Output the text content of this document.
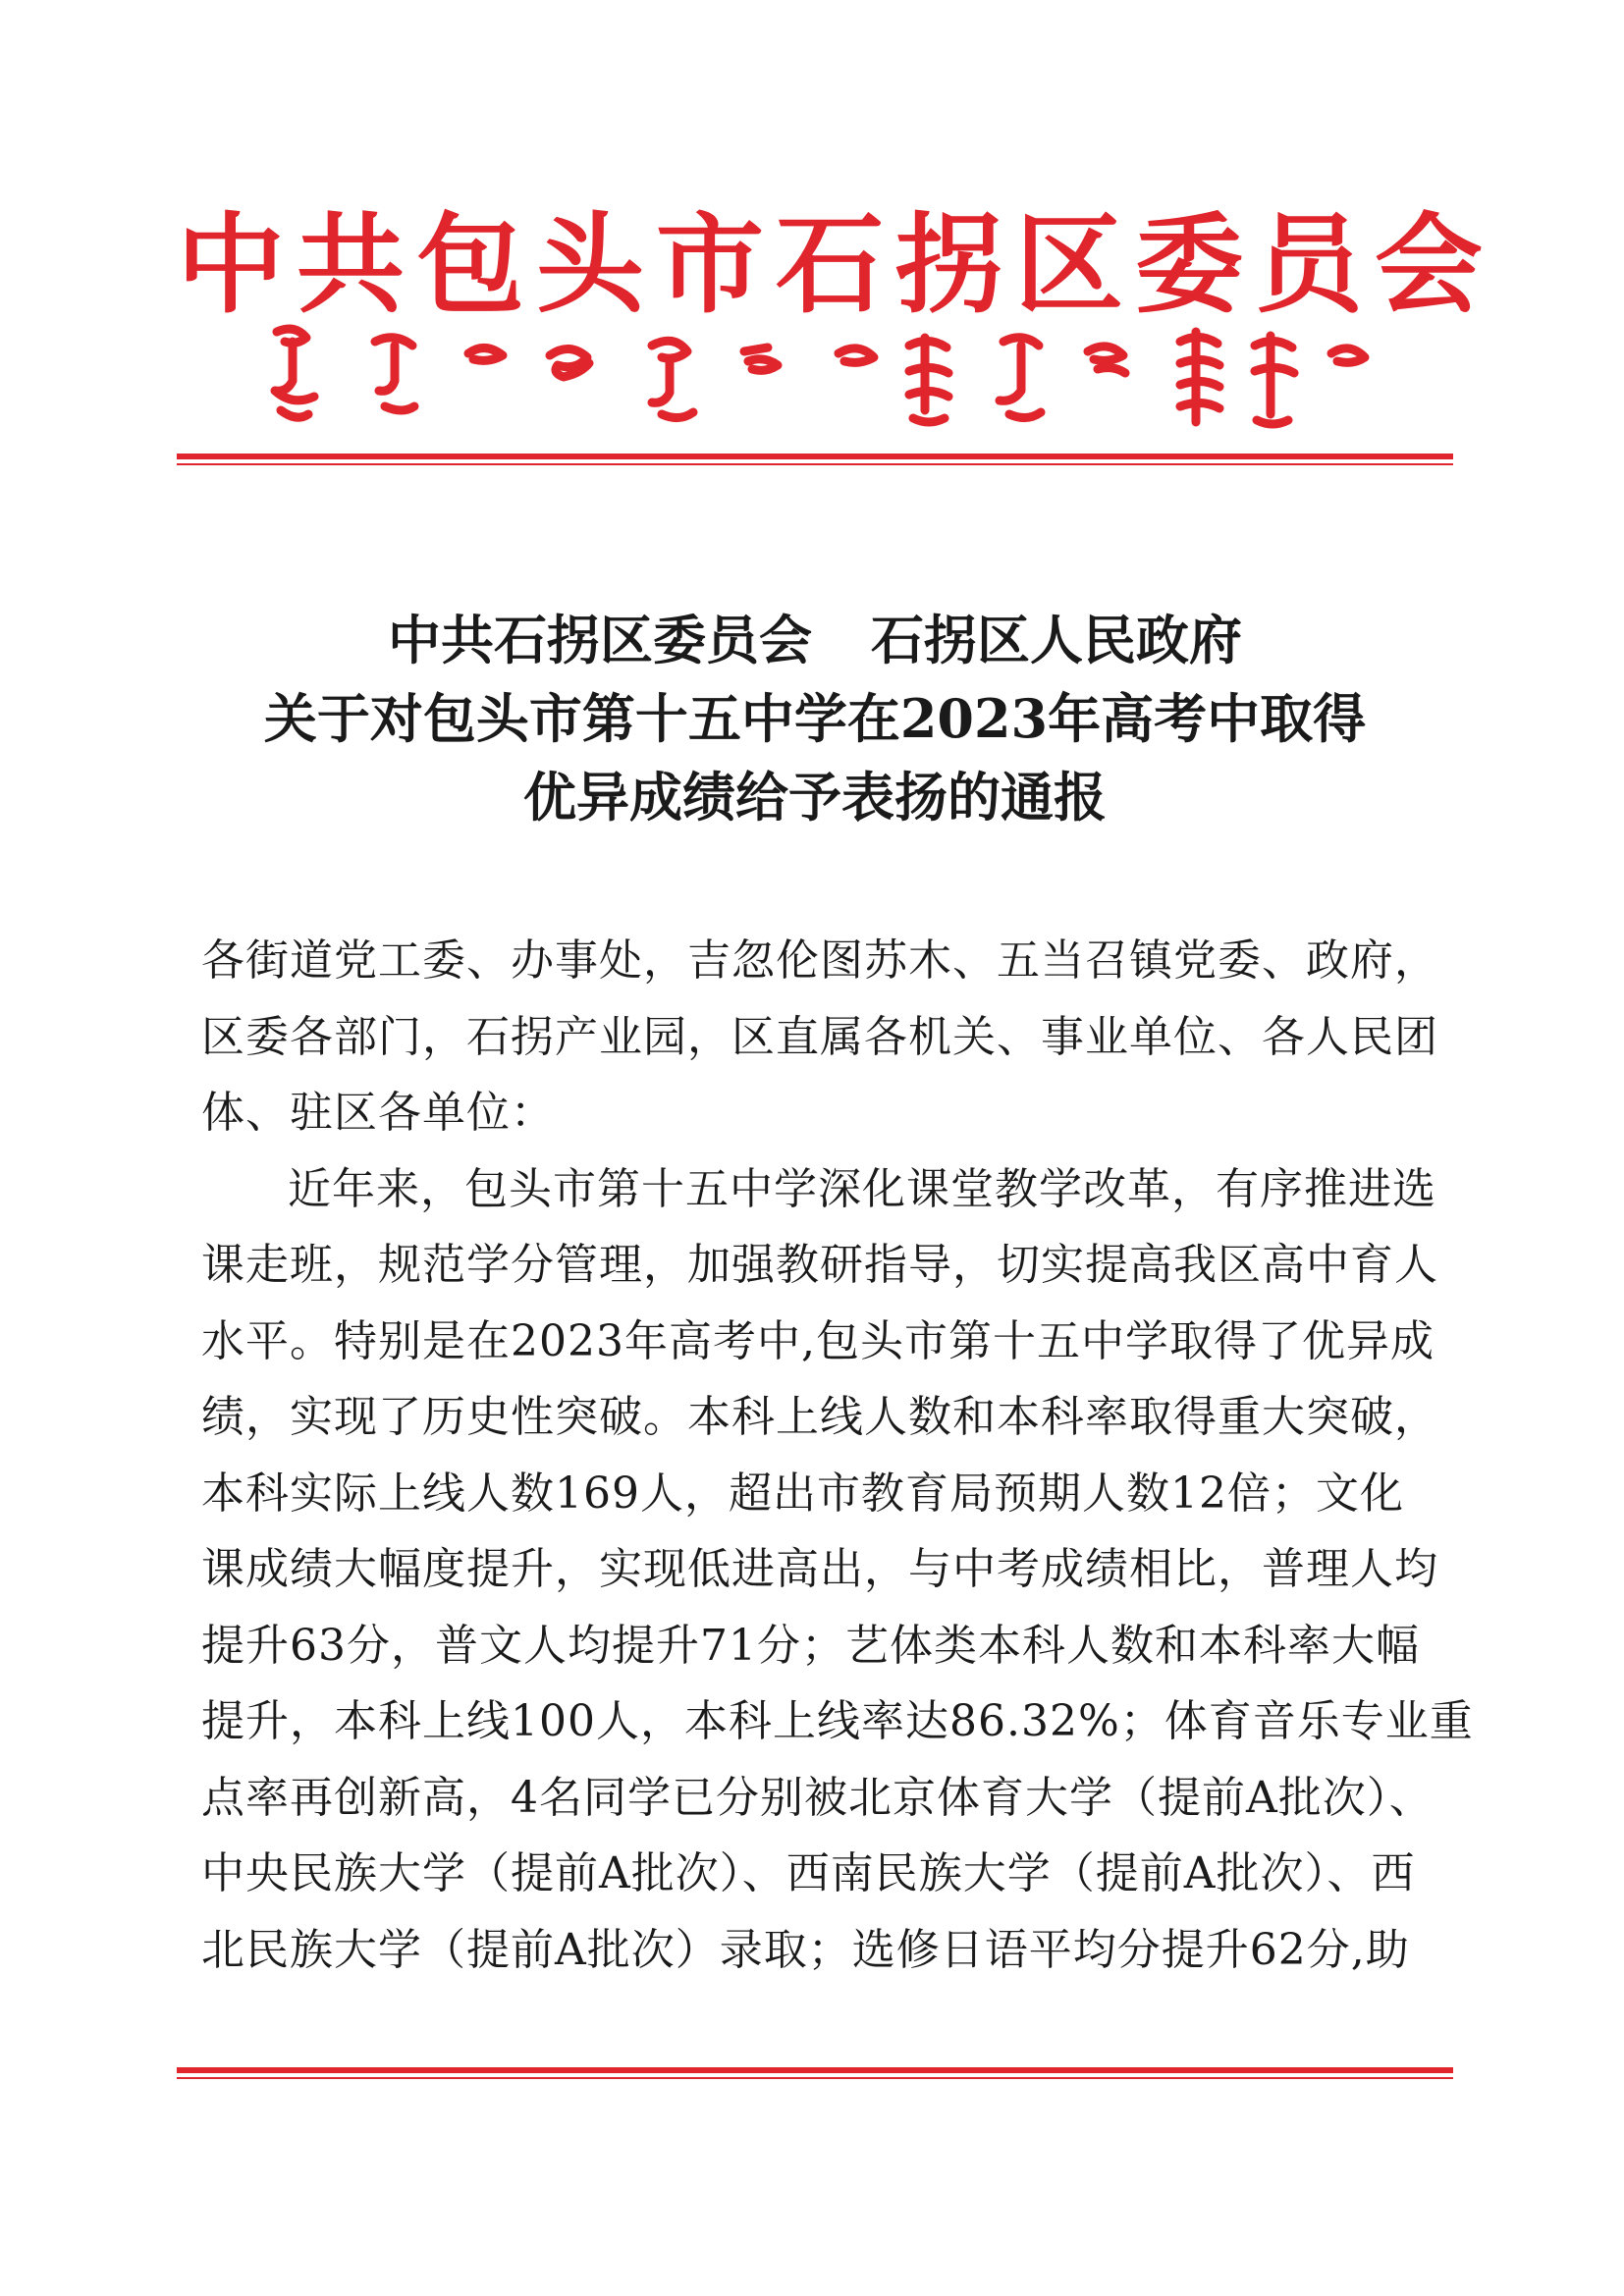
中共包头市石拐区委员会
中共石拐区委员会 石拐区人民政府
关于对包头市第十五中学在2023年高考中取得
优异成绩给予表扬的通报
各街道党工委、办事处，吉忽伦图苏木、五当召镇党委、政府，
区委各部门，石拐产业园，区直属各机关、事业单位、各人民团
体、驻区各单位：
近年来，包头市第十五中学深化课堂教学改革，有序推进选
课走班，规范学分管理，加强教研指导，切实提高我区高中育人
水平。特别是在2023年高考中,包头市第十五中学取得了优异成
绩，实现了历史性突破。本科上线人数和本科率取得重大突破，
本科实际上线人数169人，超出市教育局预期人数12倍；文化
课成绩大幅度提升，实现低进高出，与中考成绩相比，普理人均
提升63分，普文人均提升71分；艺体类本科人数和本科率大幅
提升，本科上线100人，本科上线率达86.32%；体育音乐专业重
点率再创新高，4名同学已分别被北京体育大学（提前A批次）、
中央民族大学（提前A批次）、西南民族大学（提前A批次）、西
北民族大学（提前A批次）录取；选修日语平均分提升62分,助
